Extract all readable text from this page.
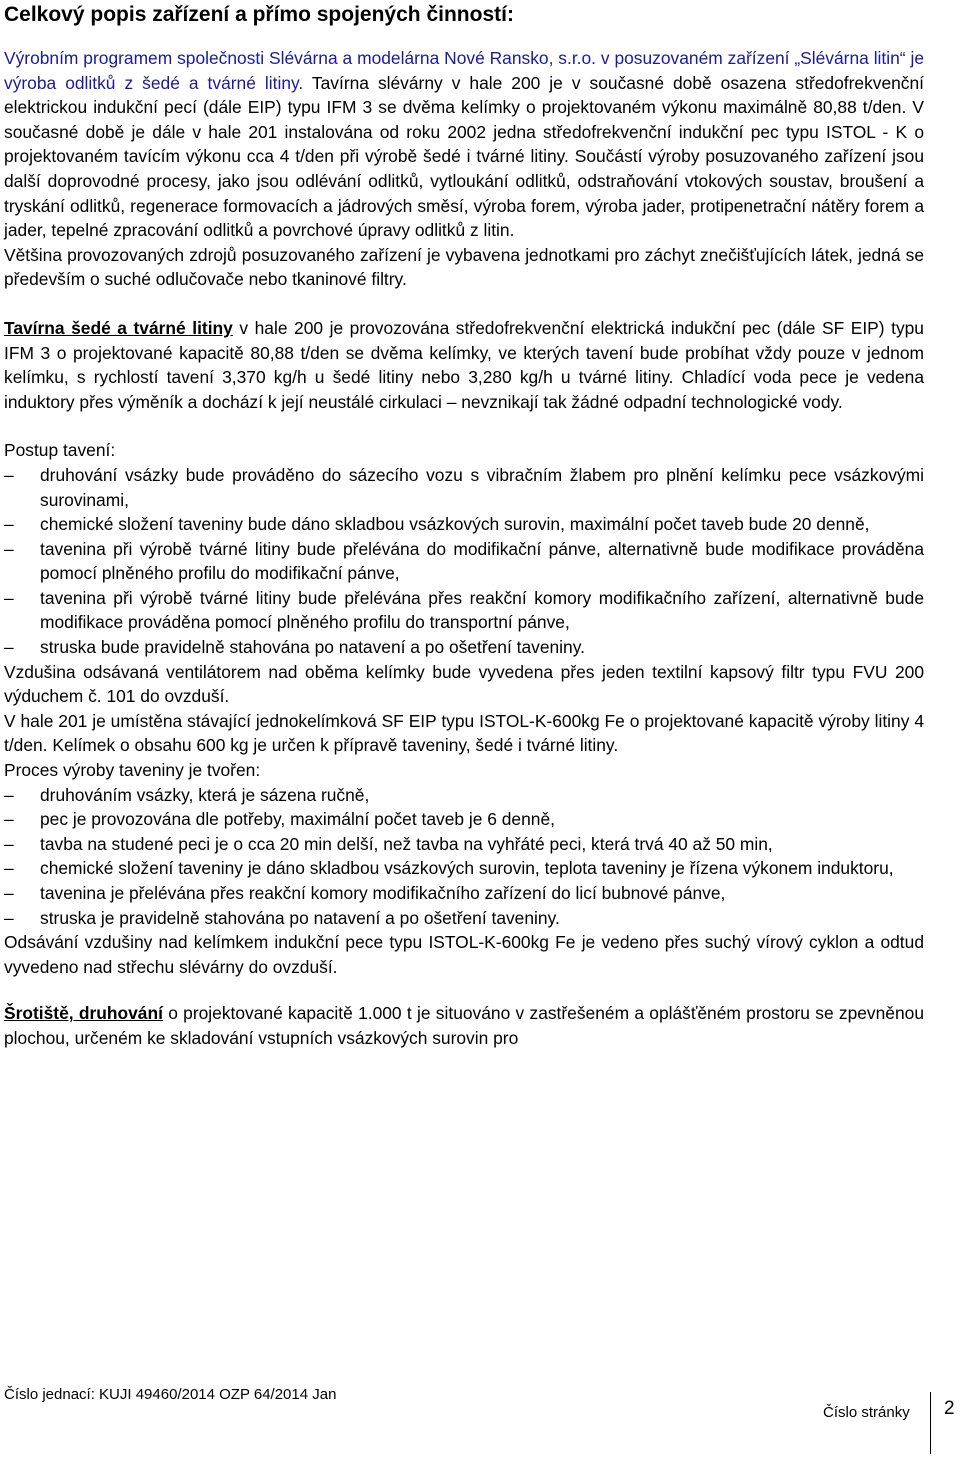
Celkový popis zařízení a přímo spojených činností:

Výrobním programem společnosti Slévárna a modelárna Nové Ransko, s.r.o. v posuzovaném zařízení „Slévárna litin“ je výroba odlitků z šedé a tvárné litiny. Tavírna slévárny v hale 200 je v současné době osazena středofrekvenční elektrickou indukční pecí (dále EIP) typu IFM 3 se dvěma kelímky o projektovaném výkonu maximálně 80,88 t/den. V současné době je dále v hale 201 instalována od roku 2002 jedna středofrekvenční indukční pec typu ISTOL - K o projektovaném tavícím výkonu cca 4 t/den při výrobě šedé i tvárné litiny. Součástí výroby posuzovaného zařízení jsou další doprovodné procesy, jako jsou odlévání odlitků, vytloukání odlitků, odstraňování vtokových soustav, broušení a tryskání odlitků, regenerace formovacích a jádrových směsí, výroba forem, výroba jader, protipenetrační nátěry forem a jader, tepelné zpracování odlitků a povrchové úpravy odlitků z litin.

Většina provozovaných zdrojů posuzovaného zařízení je vybavena jednotkami pro záchyt znečišťujících látek, jedná se především o suché odlučovače nebo tkaninové filtry.

Tavírna šedé a tvárné litiny v hale 200 je provozována středofrekvenční elektrická indukční pec (dále SF EIP) typu IFM 3 o projektované kapacitě 80,88 t/den se dvěma kelímky, ve kterých tavení bude probíhat vždy pouze v jednom kelímku, s rychlostí tavení 3,370 kg/h u šedé litiny nebo 3,280 kg/h u tvárné litiny. Chladící voda pece je vedena induktory přes výměník a dochází k její neustálé cirkulaci – nevznikají tak žádné odpadní technologické vody.

Postup tavení:

–	druhování vsázky bude prováděno do sázecího vozu s vibračním žlabem pro plnění kelímku pece vsázkovými surovinami,
–	chemické složení taveniny bude dáno skladbou vsázkových surovin, maximální počet taveb bude 20 denně,
–	tavenina při výrobě tvárné litiny bude přelévána do modifikační pánve, alternativně bude modifikace prováděna pomocí plněného profilu do modifikační pánve,
–	tavenina při výrobě tvárné litiny bude přelévána přes reakční komory modifikačního zařízení, alternativně bude modifikace prováděna pomocí plněného profilu do transportní pánve,
–	struska bude pravidelně stahována po natavení a po ošetření taveniny.

Vzdušina odsávaná ventilátorem nad oběma kelímky bude vyvedena přes jeden textilní kapsový filtr typu FVU 200 výduchem č. 101 do ovzduší.

V hale 201 je umístěna stávající jednokelímková SF EIP typu ISTOL-K-600kg Fe o projektované kapacitě výroby litiny 4 t/den. Kelímek o obsahu 600 kg je určen k přípravě taveniny, šedé i tvárné litiny.

Proces výroby taveniny je tvořen:

–	druhováním vsázky, která je sázena ručně,
–	pec je provozována dle potřeby, maximální počet taveb je 6 denně,
–	tavba na studené peci je o cca 20 min delší, než tavba na vyhřáté peci, která trvá 40 až 50 min,
–	chemické složení taveniny je dáno skladbou vsázkových surovin, teplota taveniny je řízena výkonem induktoru,
–	tavenina je přelévána přes reakční komory modifikačního zařízení do licí bubnové pánve,
–	struska je pravidelně stahována po natavení a po ošetření taveniny.

Odsávání vzdušiny nad kelímkem indukční pece typu ISTOL-K-600kg Fe je vedeno přes suchý vírový cyklon a odtud vyvedeno nad střechu slévárny do ovzduší.

Šrotiště, druhování o projektované kapacitě 1.000 t je situováno v zastřešeném a oplášťěném prostoru se zpevněnou plochou, určeném ke skladování vstupních vsázkových surovin pro

Číslo jednací: KUJI 49460/2014 OZP 64/2014 Jan
Číslo stránky 2
